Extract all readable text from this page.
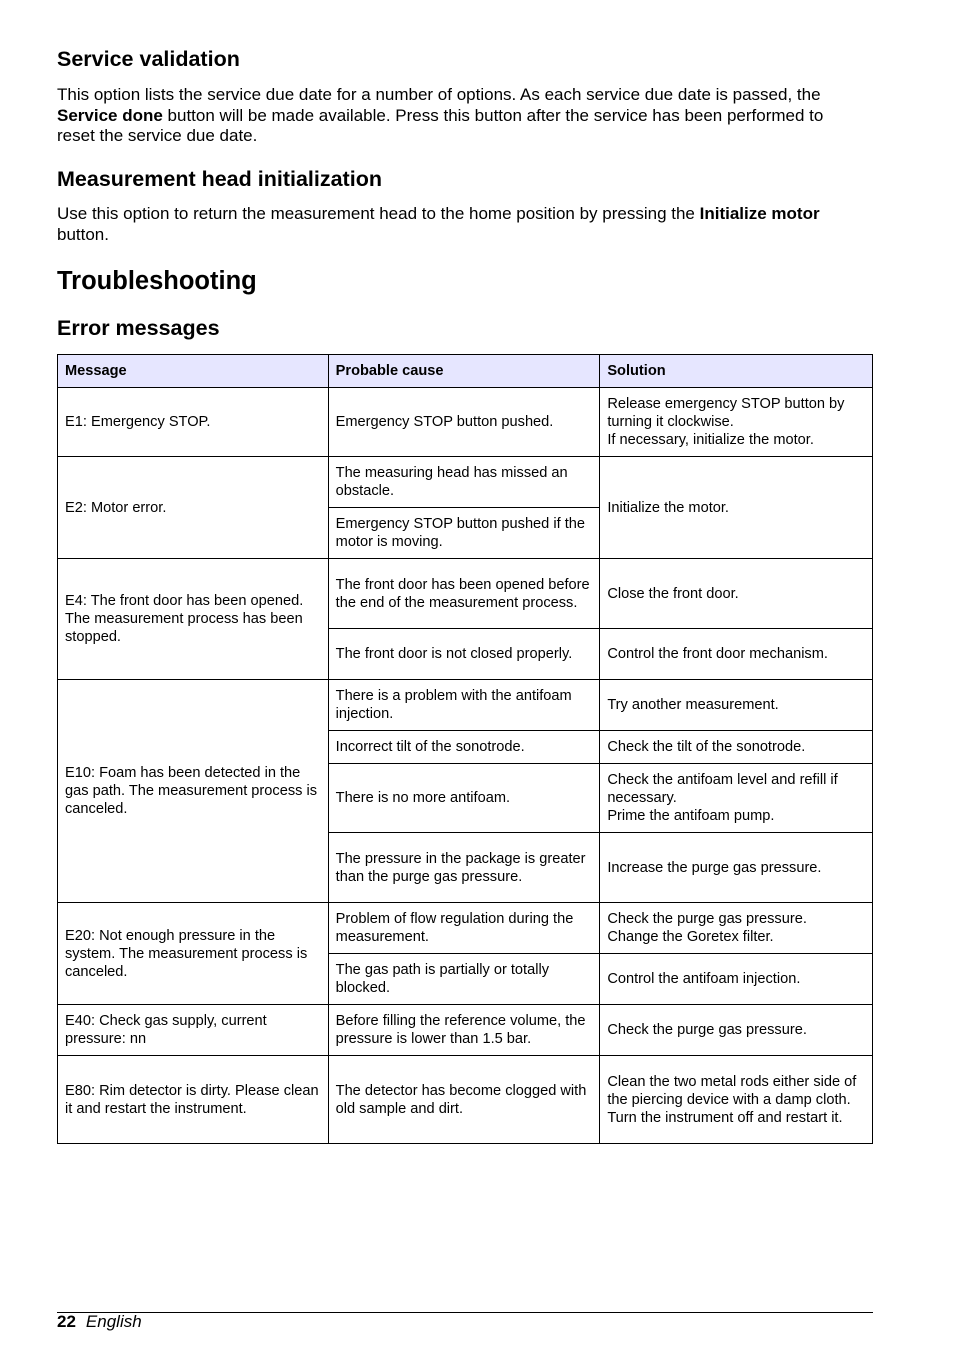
Service validation

This option lists the service due date for a number of options. As each service due date is passed, the Service done button will be made available. Press this button after the service has been performed to reset the service due date.

Measurement head initialization

Use this option to return the measurement head to the home position by pressing the Initialize motor button.

Troubleshooting
Error messages
Message	Probable cause	Solution
E1: Emergency STOP.	Emergency STOP button pushed.	Release emergency STOP button by turning it clockwise.
If necessary, initialize the motor.

E2: Motor error.	The measuring head has missed an obstacle.	Initialize the motor.
	Emergency STOP button pushed if the motor is moving.	
E4: The front door has been opened. The measurement process has been stopped.	The front door has been opened before the end of the measurement process.	Close the front door.
	The front door is not closed properly.	Control the front door mechanism.
E10: Foam has been detected in the gas path. The measurement process is canceled.	There is a problem with the antifoam injection.	Try another measurement.
	Incorrect tilt of the sonotrode.	Check the tilt of the sonotrode.
	There is no more antifoam.	Check the antifoam level and refill if necessary.
Prime the antifoam pump.

	The pressure in the package is greater than the purge gas pressure.	Increase the purge gas pressure.
E20: Not enough pressure in the system. The measurement process is canceled.	Problem of flow regulation during the measurement.	Check the purge gas pressure.
Change the Goretex filter.

	The gas path is partially or totally blocked.	Control the antifoam injection.
E40: Check gas supply, current pressure: nn	Before filling the reference volume, the pressure is lower than 1.5 bar.	Check the purge gas pressure.
E80: Rim detector is dirty. Please clean it and restart the instrument.	The detector has become clogged with old sample and dirt.	Clean the two metal rods either side of the piercing device with a damp cloth. Turn the instrument off and restart it.
22 English
